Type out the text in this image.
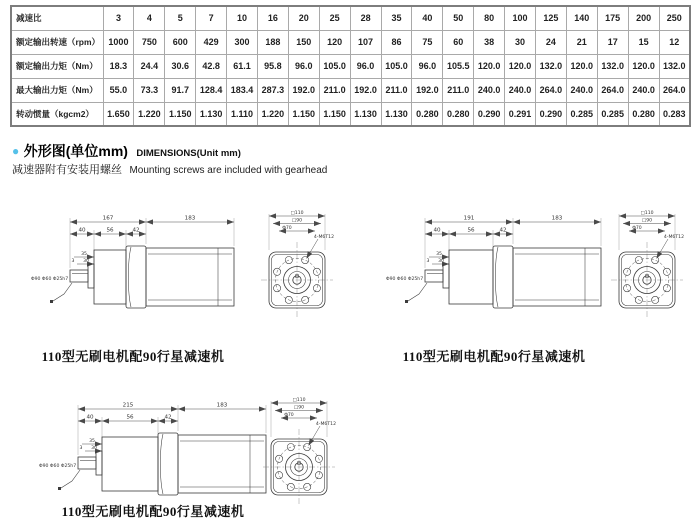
减速比	3	4	5	7	10	16	20	25	28	35	40	50	80	100	125	140	175	200	250
额定输出转速（rpm）	1000	750	600	429	300	188	150	120	107	86	75	60	38	30	24	21	17	15	12
额定输出力矩（Nm）	18.3	24.4	30.6	42.8	61.1	95.8	96.0	105.0	96.0	105.0	96.0	105.5	120.0	120.0	132.0	120.0	132.0	120.0	132.0
最大输出力矩（Nm）	55.0	73.3	91.7	128.4	183.4	287.3	192.0	211.0	192.0	211.0	192.0	211.0	240.0	240.0	264.0	240.0	264.0	240.0	264.0
转动惯量（kgcm2）	1.650	1.220	1.150	1.130	1.110	1.220	1.150	1.150	1.130	1.130	0.280	0.280	0.290	0.291	0.290	0.285	0.285	0.280	0.283
● 外形图(单位mm) DIMENSIONS(Unit mm)
减速器附有安装用螺丝 Mounting screws are included with gearhead
167	183
40	56	42
35
30
3
Φ90 Φ60 Φ25h7
□110
□90
Φ70
4-M6T12
110型无刷电机配90行星减速机
191	183
40	56	42
35
30
3
Φ90 Φ60 Φ25h7
□110
□90
Φ70
4-M6T12
110型无刷电机配90行星减速机
215	183
40	56	42
35
30
3
Φ90 Φ60 Φ25h7
□110
□90
Φ70
4-M6T12
110型无刷电机配90行星减速机
